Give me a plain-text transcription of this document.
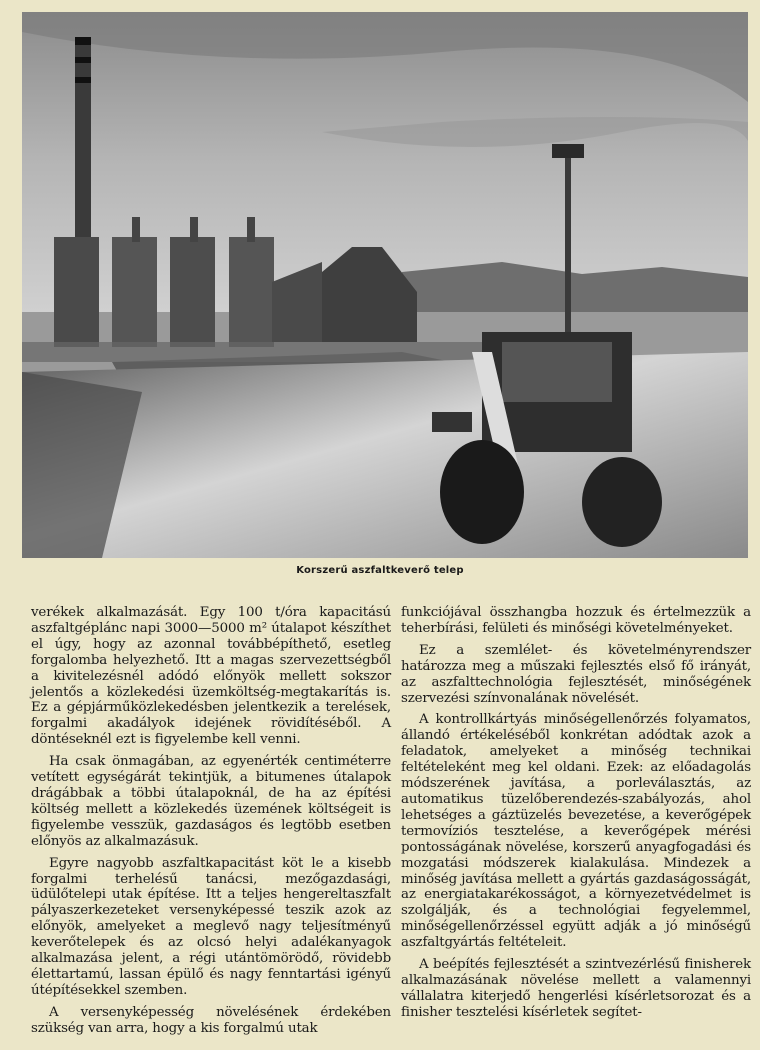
Korszerű aszfaltkeverő telep

verékek alkalmazását. Egy 100 t/óra kapacitású aszfaltgéplánc napi 3000—5000 m² útalapot készíthet el úgy, hogy az azonnal továbbépíthető, esetleg forgalomba helyezhető. Itt a magas szervezettségből a kivitelezésnél adódó előnyök mellett sokszor jelentős a közlekedési üzemköltség-megtakarítás is. Ez a gépjárműközlekedésben jelentkezik a terelések, forgalmi akadályok idejének rövidítéséből. A döntéseknél ezt is figyelembe kell venni.

Ha csak önmagában, az egyenérték centiméterre vetített egységárát tekintjük, a bitumenes útalapok drágábbak a többi útalapoknál, de ha az építési költség mellett a közlekedés üzemének költségeit is figyelembe vesszük, gazdaságos és legtöbb esetben előnyös az alkalmazásuk.

Egyre nagyobb aszfaltkapacitást köt le a kisebb forgalmi terhelésű tanácsi, mezőgazdasági, üdülőtelepi utak építése. Itt a teljes hengereltaszfalt pályaszerkezeteket versenyképessé teszik azok az előnyök, amelyeket a meglevő nagy teljesítményű keverőtelepek és az olcsó helyi adalékanyagok alkalmazása jelent, a régi utántömörödő, rövidebb élettartamú, lassan épülő és nagy fenntartási igényű útépítésekkel szemben.

A versenyképesség növelésének érdekében szükség van arra, hogy a kis forgalmú utak

funkciójával összhangba hozzuk és értelmezzük a teherbírási, felületi és minőségi követelményeket.

Ez a szemlélet- és követelményrendszer határozza meg a műszaki fejlesztés első fő irányát, az aszfalttechnológia fejlesztését, minőségének szervezési színvonalának növelését.

A kontrollkártyás minőségellenőrzés folyamatos, állandó értékeléséből konkrétan adódtak azok a feladatok, amelyeket a minőség technikai feltételeként meg kel oldani. Ezek: az előadagolás módszerének javítása, a porleválasztás, az automatikus tüzelőberendezés-szabályozás, ahol lehetséges a gáztüzelés bevezetése, a keverőgépek termovíziós tesztelése, a keverőgépek mérési pontosságának növelése, korszerű anyagfogadási és mozgatási módszerek kialakulása. Mindezek a minőség javítása mellett a gyártás gazdaságosságát, az energiatakarékosságot, a környezetvédelmet is szolgálják, és a technológiai fegyelemmel, minőségellenőrzéssel együtt adják a jó minőségű aszfaltgyártás feltételeit.

A beépítés fejlesztését a szintvezérlésű finisherek alkalmazásának növelése mellett a valamennyi vállalatra kiterjedő hengerlési kísérletsorozat és a finisher tesztelési kísérletek segítet-
